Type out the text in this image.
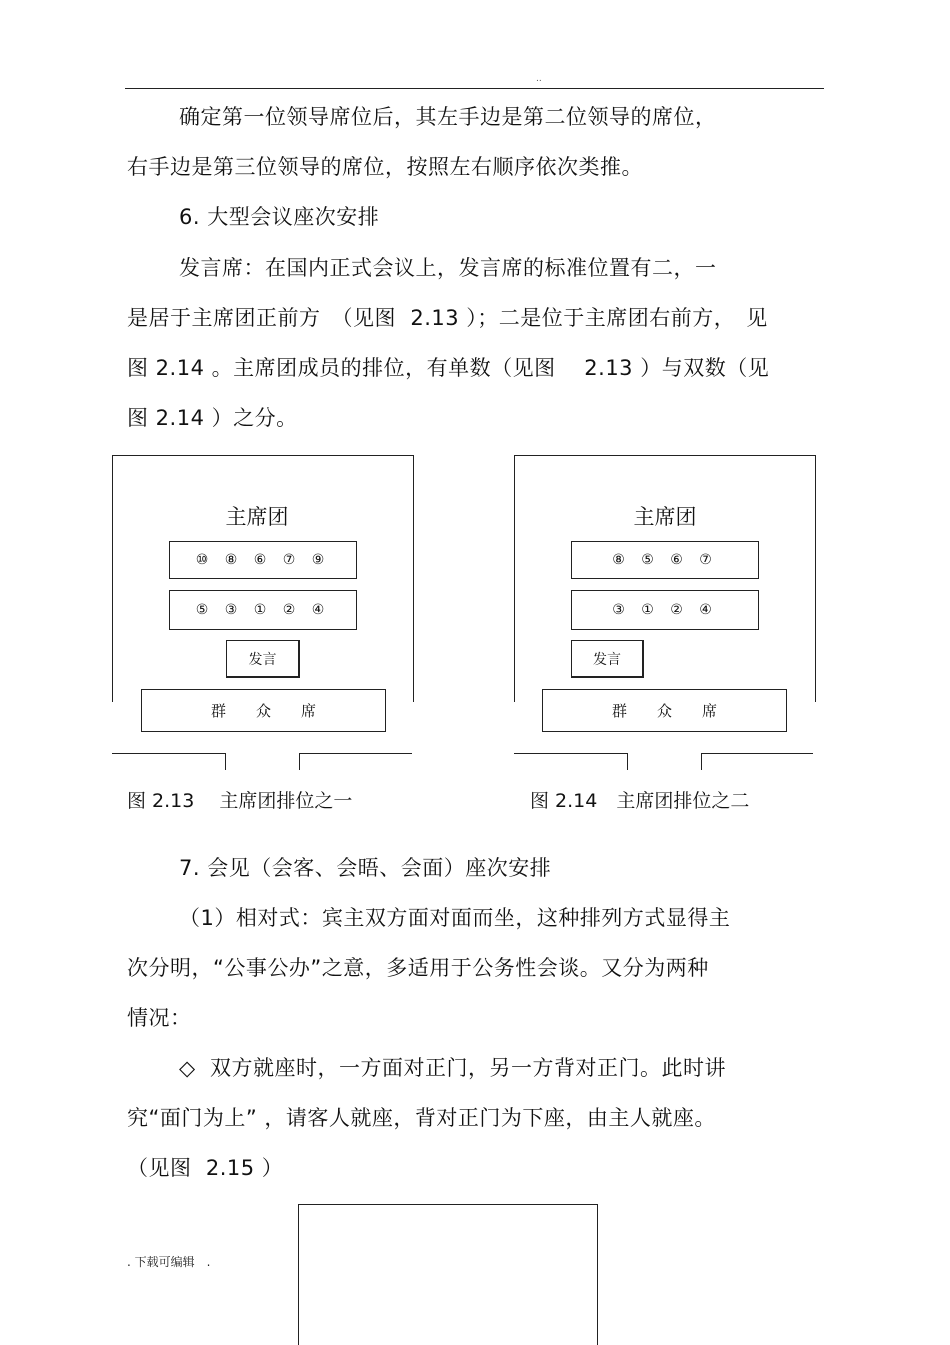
..
确定第一位领导席位后，其左手边是第二位领导的席位，
右手边是第三位领导的席位，按照左右顺序依次类推。
6. 大型会议座次安排
发言席：在国内正式会议上，发言席的标准位置有二，一
是居于主席团正前方　（见图  2.13 ）；二是位于主席团右前方，　见
图 2.14 。主席团成员的排位，有单数（见图　 2.13 ）与双数（见
图 2.14 ）之分。
主席团
⑩ ⑧ ⑥ ⑦ ⑨
⑤ ③ ① ② ④
发言
群众席
图 2.13　 主席团排位之一
主席团
⑧ ⑤ ⑥ ⑦
③ ① ② ④
发言
群众席
图 2.14　主席团排位之二
7. 会见（会客、会晤、会面）座次安排
（1）相对式：宾主双方面对面而坐，这种排列方式显得主
次分明，“公事公办”之意，多适用于公务性会谈。又分为两种
情况：
◇  双方就座时，一方面对正门，另一方背对正门。此时讲
究“面门为上” ，请客人就座，背对正门为下座，由主人就座。
（见图  2.15 ）
. 下载可编辑　.
